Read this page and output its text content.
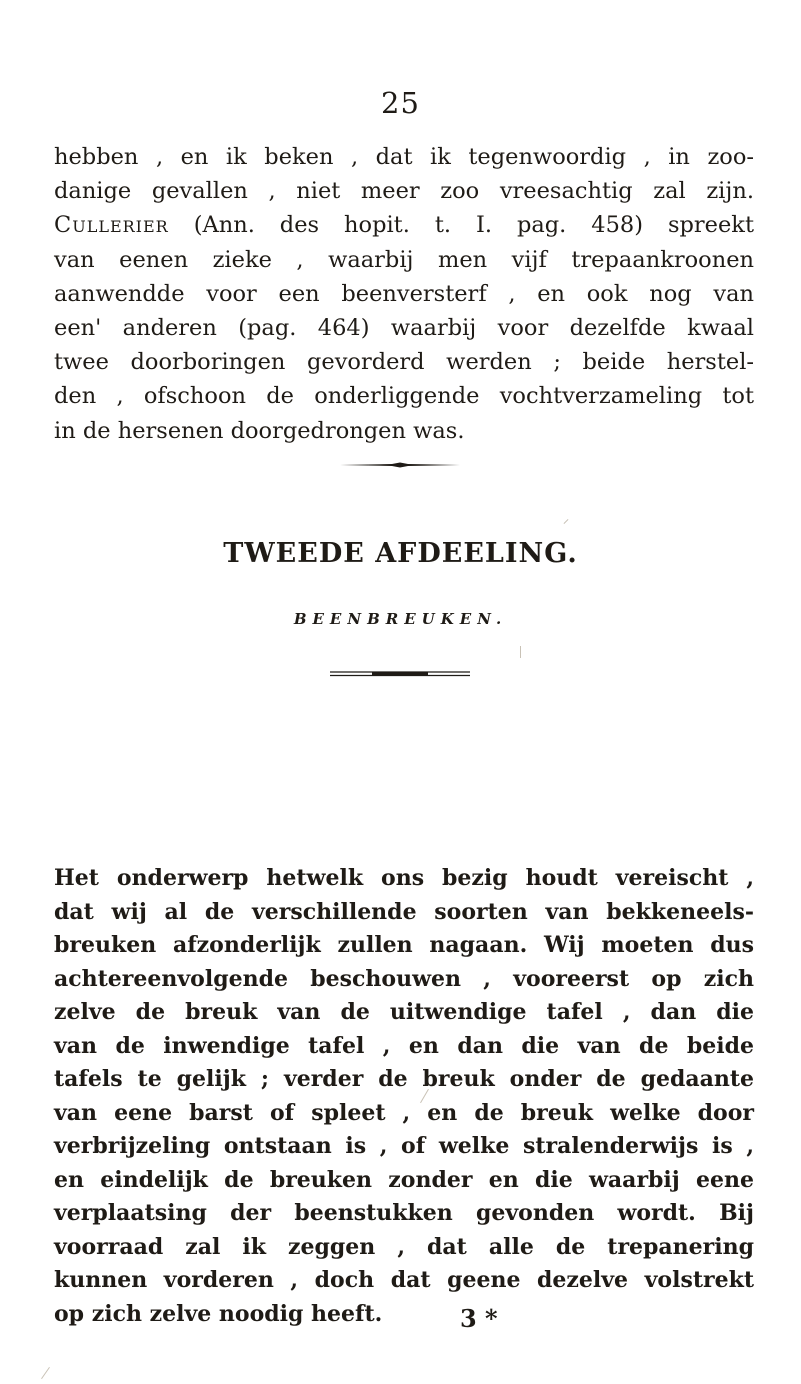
25
hebben , en ik beken , dat ik tegenwoordig , in zoo-
danige gevallen , niet meer zoo vreesachtig zal zijn.
Cullerier (Ann. des hopit. t. I. pag. 458) spreekt
van eenen zieke , waarbij men vijf trepaankroonen
aanwendde voor een beenversterf , en ook nog van
een' anderen (pag. 464) waarbij voor dezelfde kwaal
twee doorboringen gevorderd werden ; beide herstel-
den , ofschoon de onderliggende vochtverzameling tot
in de hersenen doorgedrongen was.
TWEEDE AFDEELING.
BEENBREUKEN.
Het onderwerp hetwelk ons bezig houdt vereischt ,
dat wij al de verschillende soorten van bekkeneels-
breuken afzonderlijk zullen nagaan. Wij moeten dus
achtereenvolgende beschouwen , vooreerst op zich
zelve de breuk van de uitwendige tafel , dan die
van de inwendige tafel , en dan die van de beide
tafels te gelijk ; verder de breuk onder de gedaante
van eene barst of spleet , en de breuk welke door
verbrijzeling ontstaan is , of welke stralenderwijs is ,
en eindelijk de breuken zonder en die waarbij eene
verplaatsing der beenstukken gevonden wordt. Bij
voorraad zal ik zeggen , dat alle de trepanering
kunnen vorderen , doch dat geene dezelve volstrekt
op zich zelve noodig heeft.	3 *
